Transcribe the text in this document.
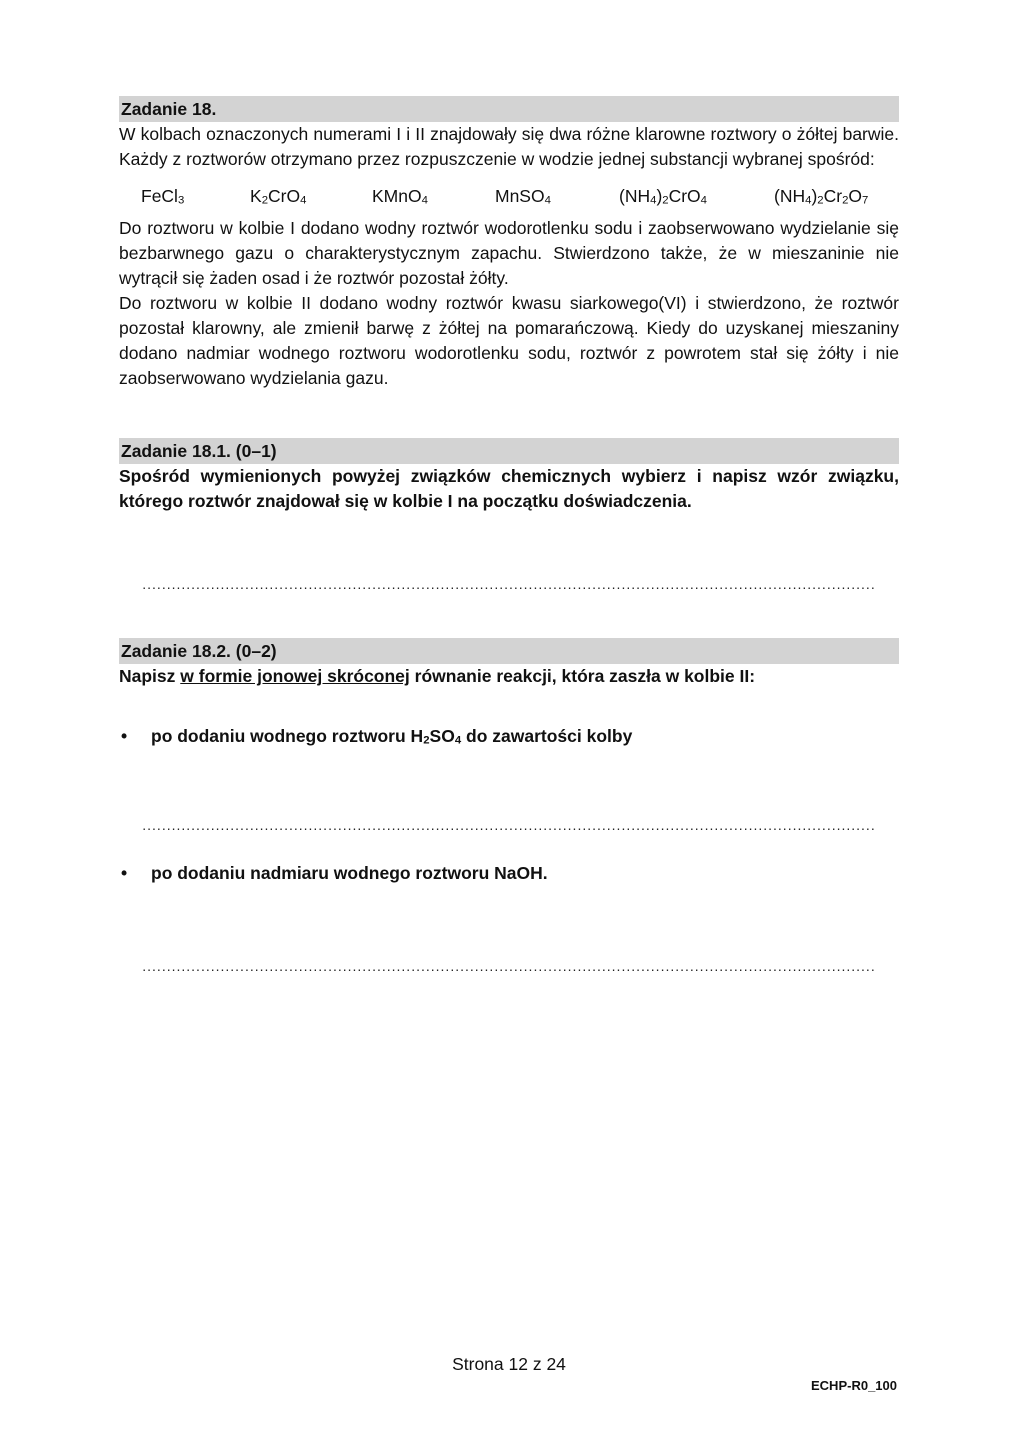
Zadanie 18.

W kolbach oznaczonych numerami I i II znajdowały się dwa różne klarowne roztwory o żółtej barwie. Każdy z roztworów otrzymano przez rozpuszczenie w wodzie jednej substancji wybranej spośród:

FeCl$_3$	$K_2CrO_4$	KMnO$_4$	MnSO$_4$	$(NH_4)_2CrO_4$	$(NH_4)_2Cr_2O_7$

Do roztworu w kolbie I dodano wodny roztwór wodorotlenku sodu i zaobserwowano wydzielanie się bezbarwnego gazu o charakterystycznym zapachu. Stwierdzono także, że w mieszaninie nie wytrącił się żaden osad i że roztwór pozostał żółty.

Do roztworu w kolbie II dodano wodny roztwór kwasu siarkowego(VI) i stwierdzono, że roztwór pozostał klarowny, ale zmienił barwę z żółtej na pomarańczową. Kiedy do uzyskanej mieszaniny dodano nadmiar wodnego roztworu wodorotlenku sodu, roztwór z powrotem stał się żółty i nie zaobserwowano wydzielania gazu.

Zadanie 18.1. (0–1)

Spośród wymienionych powyżej związków chemicznych wybierz i napisz wzór związku, którego roztwór znajdował się w kolbie I na początku doświadczenia.

......................................................................................................................................................
Zadanie 18.2. (0–2)

Napisz w formie jonowej skróconej równanie reakcji, która zaszła w kolbie II:

• po dodaniu wodnego roztworu $H_2SO_4$ do zawartości kolby
......................................................................................................................................................
• po dodaniu nadmiaru wodnego roztworu NaOH.
......................................................................................................................................................
Strona 12 z 24
ECHP-R0_100
